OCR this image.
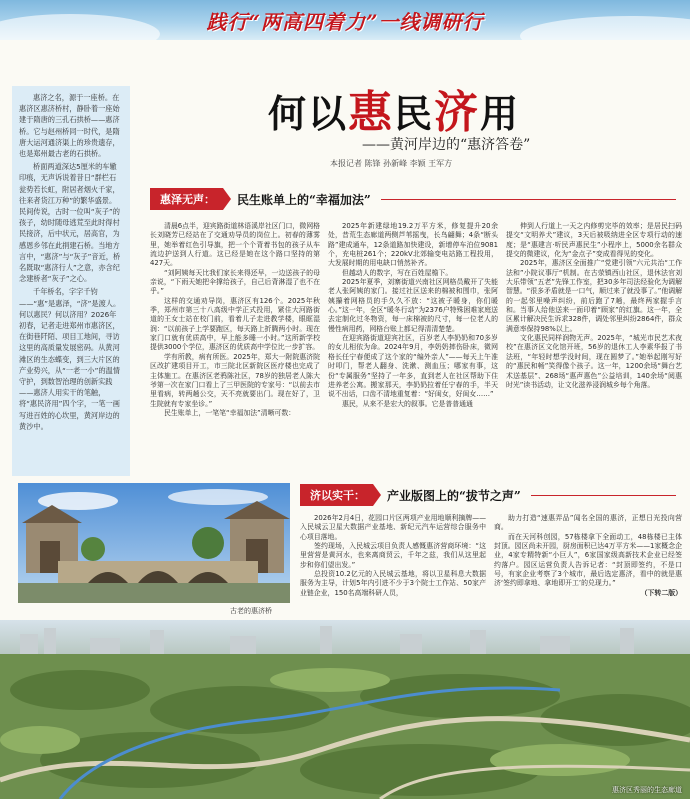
践行“两高四着力”一线调研行

惠济之名，源于一座桥。在惠济区惠济桥村，静卧着一座始建于隋唐的三孔石拱桥——惠济桥。它与赵州桥同一时代，是隋唐大运河通济渠上的珍贵遗存，也是郑州最古老的石拱桥。

桥面两道深达5厘米的车辙印痕，无声诉说着昔日“群栏石瓮势若长虹，附居者烟火千家，往来者货江万种”的繁华盛景。民间传说，古时一位叫“灰子”的孩子，幼时随母逃荒至此时得村民接济，后中状元，居高官，为感恩乡邻在此捐建石桥。当地方言中，“惠济”与“灰子”音近，桥名既取“惠济行人”之意，亦含纪念建桥者“灰子”之心。

千年桥名，字字千钧——“惠”是惠泽，“济”是渡人。何以惠民？何以济用？2026年初春，记者走进郑州市惠济区，在街巷阡陌、项目工地间，寻访这里的高质量发展密码。从黄河滩区的生态蝶变，到三大片区的产业势兴，从“一老一小”的温情守护，到数智治理的创新实践——惠济人用实干的笔触，将“惠民济用”四个字，一笔一画写进百姓的心坎里，黄河岸边的黄沙中。

何以惠民济用
——黄河岸边的“惠济答卷”
本报记者 陈锋 孙新峰 李颖 王军方
惠泽无声：	民生账单上的“幸福加法”

清晨6点半，迎宾路街道林语溪岸社区门口，微网格长刘晓芳已经站在了交通劝导员的岗位上。初春的薄雾里，她举着红色引导旗，把一个个背着书包的孩子从车流边护送到人行道。这已经是她在这个路口坚持的第427天。

“刘阿姨每天比我们家长来得还早，一边送孩子的母亲说，“下雨天她把伞撑给孩子，自己后背淋湿了也不在乎。”

这样的交通劝导岗，惠济区有126个。2025年秋季，郑州市第三十八高级中学正式投用，紧住大河路街道的王女士站在校门前，看着儿子走进教学楼，眼眶湿润：“以前孩子上学要跑区，每天路上折腾两小时。现在家门口就有优质高中，早上能多睡一小时。”这所新学校提供3000个学位，惠济区的优质高中学位比一步扩容。

学有所教，病有所医。2025年，郑大一附院惠济院区改扩建项目开工，市三院北区新院区医疗楼也完成了主体施工。在惠济区老鸦陈社区，78岁的独居老人陈大爷第一次在家门口看上了三甲医院的专家号：“以前去市里看病，转两趟公交，天不亮就要出门。现在好了，卫生院就有专家坐诊。”

民生账单上，一笔笔“幸福加法”清晰可数：

2025年新建绿地19.2万平方米，修复提升20余处，昔荒生态廊道两侧芦苇摇曳，长鸟翩舞；4条“断头路”建成通车，12条道路加快建设，新增停车泊位9081个，充电桩261个；220kV北郊输变电站路工程投用，大发展时期的用电缺口悄然补齐。

但越动人的数字，写在百姓屋檐下。

2025年夏季，刘寨街道兴南社区网格员戴开了失能老人张阿姨的家门。接过社区送来的棉被和围巾，张阿姨攥着网格员的手久久不放：“这被子暖身，你们暖心。”这一年，全区“暖冬行动”为2376户特殊困难家庭送去定制化过冬物资，每一床棉被的尺寸，每一位老人的慢性病用药，网格台账上都记得清清楚楚。

在迎宾路街道迎宾社区，百岁老人李奶奶和70多岁的女儿相依为命。2024年9月，李奶奶摔伤卧床，微网格长任宁春便成了这个家的“编外亲人”——每天上午准时叩门，帮老人翻身、洗漱、测血压；哪家有事，这份“专属服务”坚持了一年多，直到老人在社区帮助下住进养老公寓。搬家那天，李奶奶拉着任宁春的手，半天说不出话，口齿不清地重复着：“好闺女，好闺女……”

惠民，从来不是宏大的叙事。它是普普通通

伸到人行道上一天之内修剪完毕的效率；是居民扫码提交“文明养犬”建议，3天后被吸纳进全区专项行动的速度；是“惠建言·听民声惠民生”小程序上，5000余名群众提交的微建议，化为“金点子”变成看得见的变化。

2025年，惠济区全面推广“党建引领”六元共治“工作法和”小院议事厅“机制。在古荥镇西山社区，退休法官刘大乐带领”五老”先锋工作室，把30多年司法经验化为调解智慧。“很多矛盾就是一口气，顺过来了就没事了。”他调解的一起邻里噪声纠纷，前后跑了7趟，最终两家握手言和。当事人给他送来一面印着“顾家”的红旗。这一年，全区累计解决民生诉求328件，调处邻里纠纷2864件，群众满意率保持98%以上。

文化惠民同样润物无声。2025年，“城光市民艺术夜校”在惠济区文化馆开班，56岁的退休工人李素华报了书法班，“年轻时想学没时间，现在圆梦了。”她举起刚写好的“惠民和畅”笑得像个孩子。这一年，1200余场“舞台艺术送基层”、268场“惠声惠色”公益培训，140余场“阅惠时光”读书活动，让文化滋养浸润城乡每个角落。

古老的惠济桥
济以实干：	产业版图上的“拔节之声”

2026年2月4日，花园口片区两项产业用地顺利摘牌——入民城云卫星大数据产业基地、新纪元汽车运营综合服务中心项目落地。

签约现场，入民城云项目负责人感慨惠济营商环境：“这里营营是黄河水，也来离商贸云，千年之兹，我们从这里起步和你们望出发。”

总投资10.2亿元的入民城云基地，将以卫星科息大数据服务为主导，计划5年内引进不少于3个院士工作站、50家产业链企业，150名高端科研人员，

助力打造“速惠弄品”闻名全国的惠济，正想日光投向营商。

而在天河科创园，57栋楼拿下全面动工，48栋楼已主体封顶。园区尚未开园，厨房面积已达4万平方米——1家概念企业，4家专精特新“小巨人”，6家国家级高新技术企业已经签约落户。园区运营负责人告诉记者：“封顶即签约，不是口号，有家企业考察了3个城市，最后选定惠济，看中的就是惠济‘签约即拿地、拿地即开工’的兑现力。”

（下转二版）

惠济区秀丽的生态廊道
